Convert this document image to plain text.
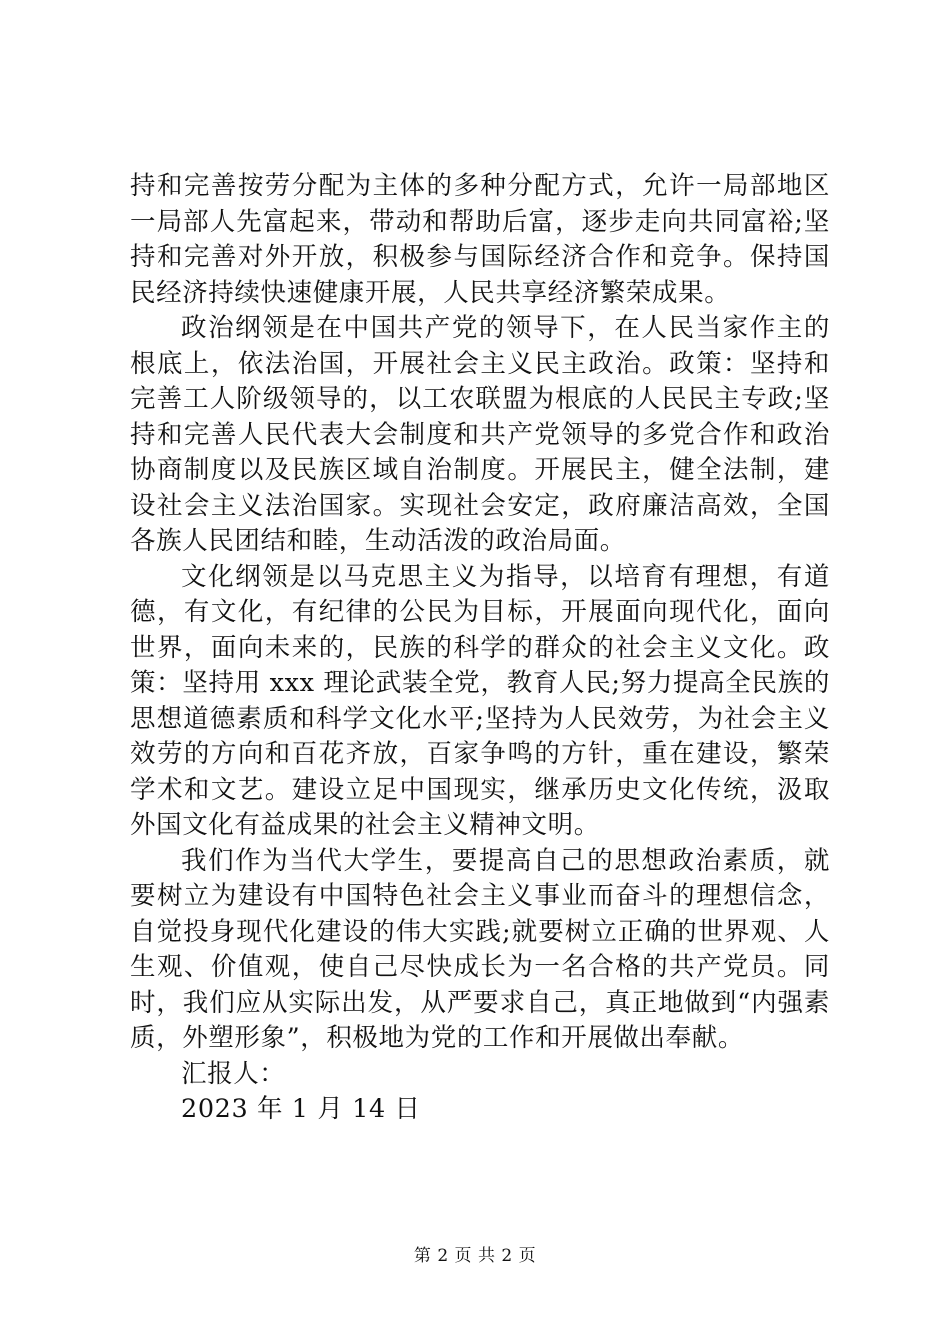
持和完善按劳分配为主体的多种分配方式，允许一局部地区一局部人先富起来，带动和帮助后富，逐步走向共同富裕;坚持和完善对外开放，积极参与国际经济合作和竞争。保持国民经济持续快速健康开展，人民共享经济繁荣成果。

政治纲领是在中国共产党的领导下，在人民当家作主的根底上，依法治国，开展社会主义民主政治。政策：坚持和完善工人阶级领导的，以工农联盟为根底的人民民主专政;坚持和完善人民代表大会制度和共产党领导的多党合作和政治协商制度以及民族区域自治制度。开展民主，健全法制，建设社会主义法治国家。实现社会安定，政府廉洁高效，全国各族人民团结和睦，生动活泼的政治局面。

文化纲领是以马克思主义为指导，以培育有理想，有道德，有文化，有纪律的公民为目标，开展面向现代化，面向世界，面向未来的，民族的科学的群众的社会主义文化。政策：坚持用 xxx 理论武装全党，教育人民;努力提高全民族的思想道德素质和科学文化水平;坚持为人民效劳，为社会主义效劳的方向和百花齐放，百家争鸣的方针，重在建设，繁荣学术和文艺。建设立足中国现实，继承历史文化传统，汲取外国文化有益成果的社会主义精神文明。

我们作为当代大学生，要提高自己的思想政治素质，就要树立为建设有中国特色社会主义事业而奋斗的理想信念，自觉投身现代化建设的伟大实践;就要树立正确的世界观、人生观、价值观，使自己尽快成长为一名合格的共产党员。同时，我们应从实际出发，从严要求自己，真正地做到“内强素质，外塑形象”，积极地为党的工作和开展做出奉献。

汇报人：

2023 年 1 月 14 日

第 2 页 共 2 页
